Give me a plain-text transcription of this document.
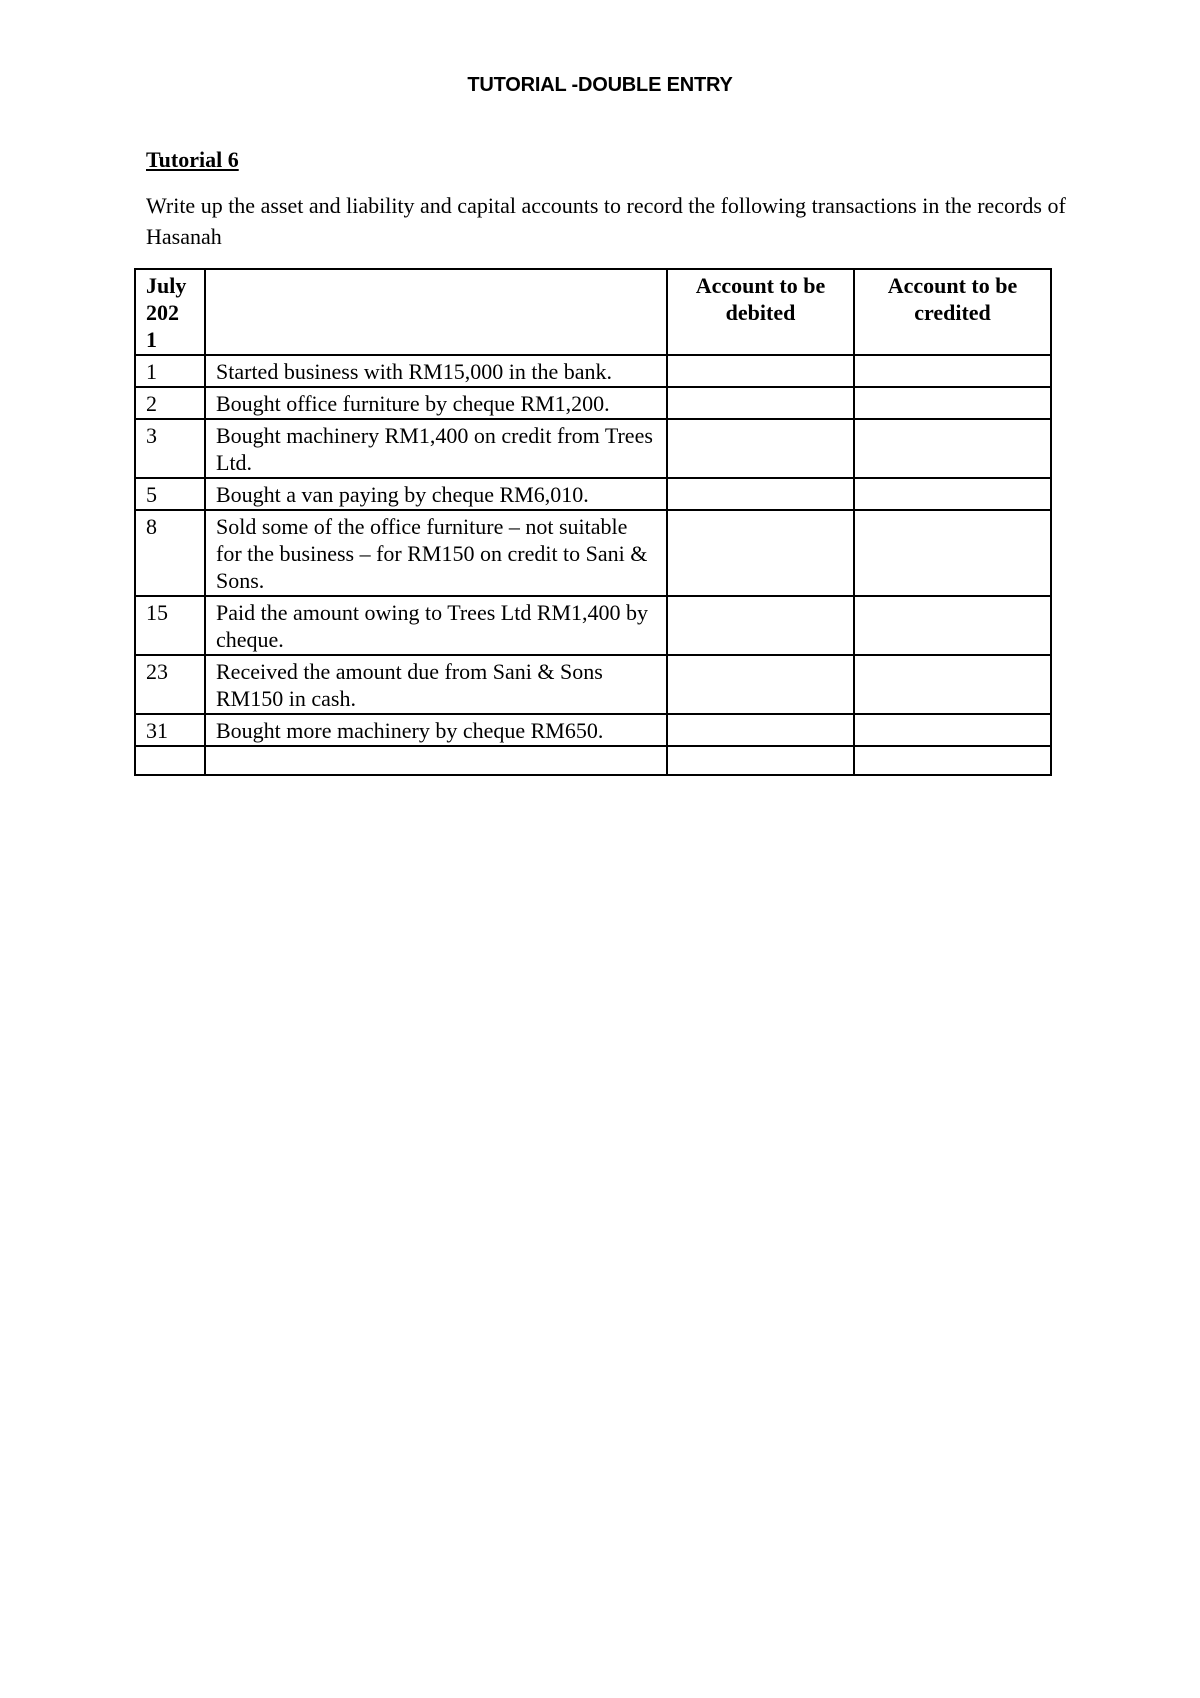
TUTORIAL -DOUBLE ENTRY
Tutorial 6
Write up the asset and liability and capital accounts to record the following transactions in the records of Hasanah
July 202 1		Account to be debited	Account to be credited
1	Started business with RM15,000 in the bank.		
2	Bought office furniture by cheque RM1,200.		
3	Bought machinery RM1,400 on credit from Trees Ltd.		
5	Bought a van paying by cheque RM6,010.		
8	Sold some of the office furniture – not suitable for the business – for RM150 on credit to Sani & Sons.		
15	Paid the amount owing to Trees Ltd RM1,400 by cheque.		
23	Received the amount due from Sani & Sons RM150 in cash.		
31	Bought more machinery by cheque RM650.		
